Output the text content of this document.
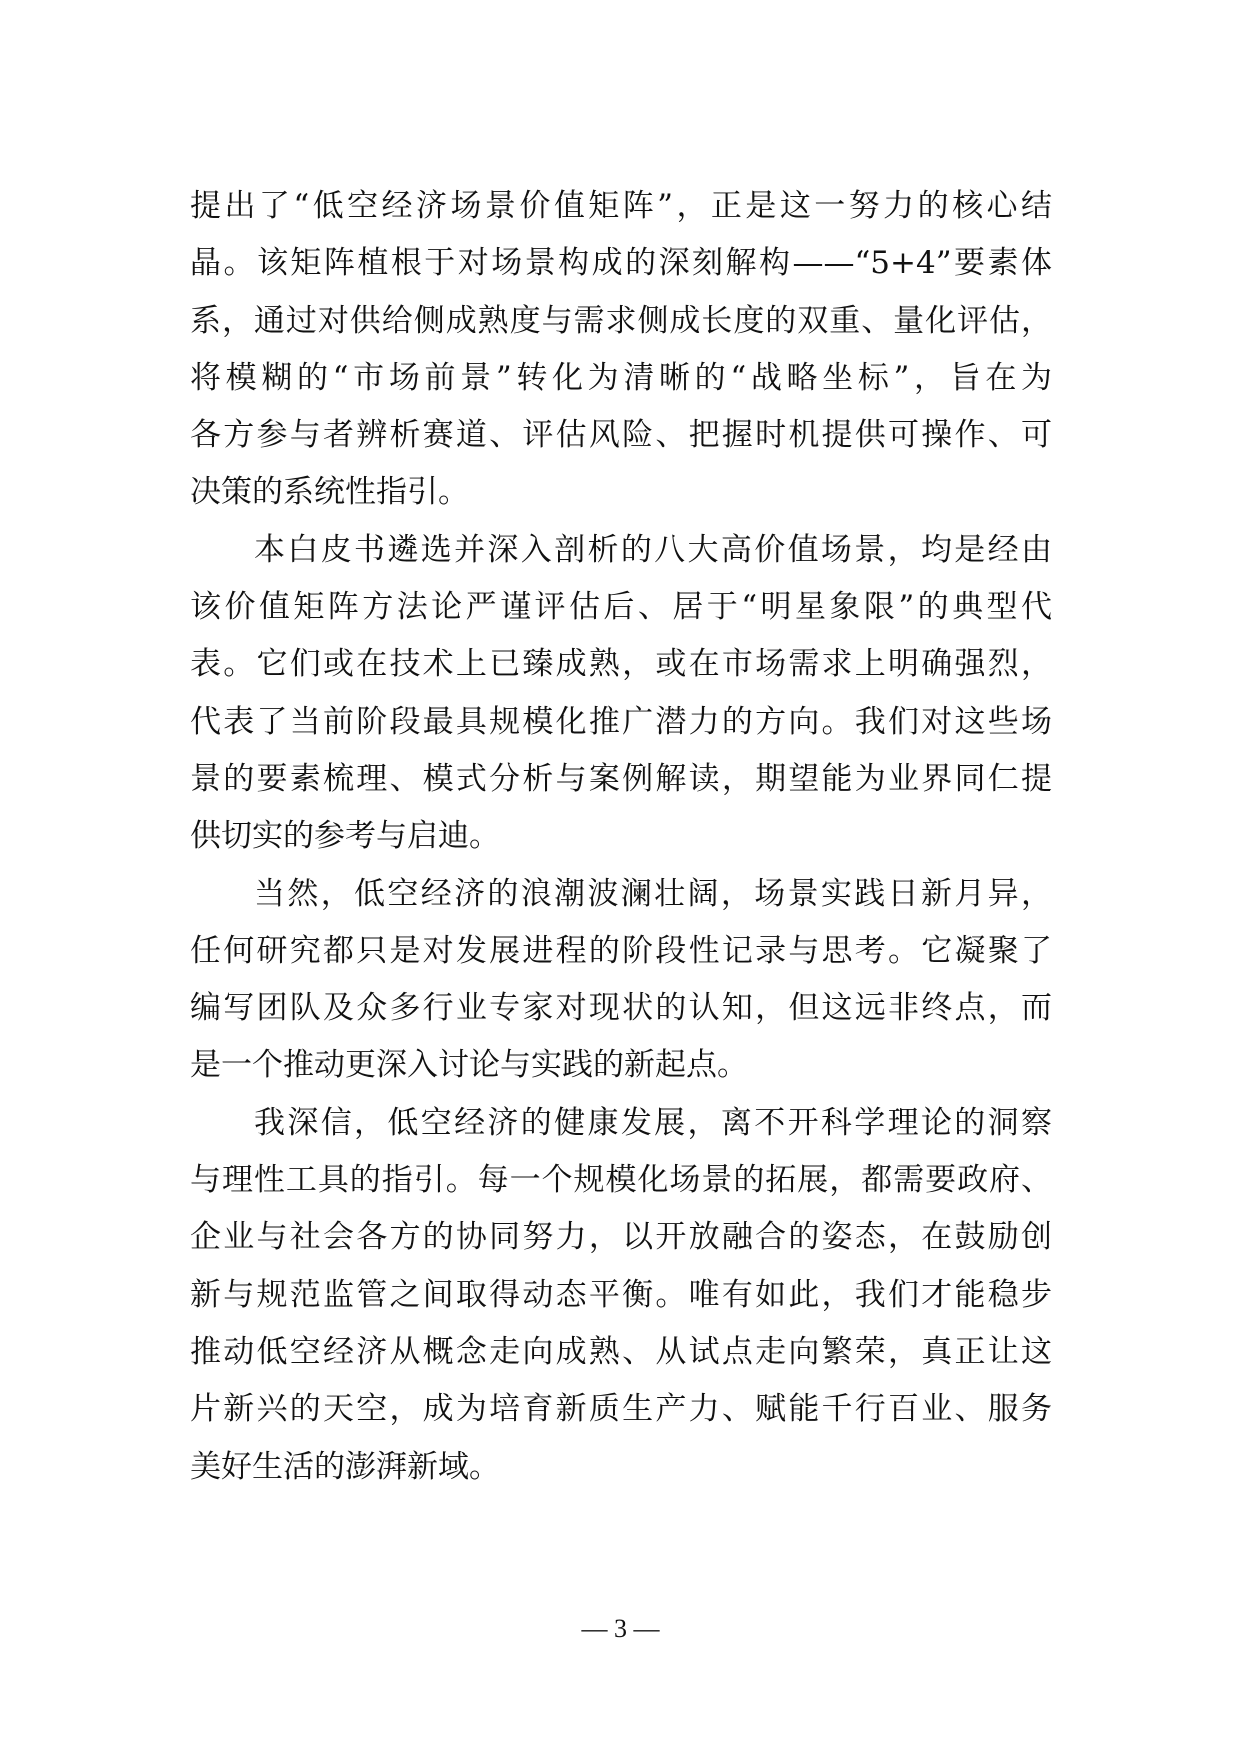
提出了“低空经济场景价值矩阵”，正是这一努力的核心结
晶。该矩阵植根于对场景构成的深刻解构——“5+4”要素体
系，通过对供给侧成熟度与需求侧成长度的双重、量化评估，
将模糊的“市场前景”转化为清晰的“战略坐标”，旨在为
各方参与者辨析赛道、评估风险、把握时机提供可操作、可
决策的系统性指引。
本白皮书遴选并深入剖析的八大高价值场景，均是经由
该价值矩阵方法论严谨评估后、居于“明星象限”的典型代
表。它们或在技术上已臻成熟，或在市场需求上明确强烈，
代表了当前阶段最具规模化推广潜力的方向。我们对这些场
景的要素梳理、模式分析与案例解读，期望能为业界同仁提
供切实的参考与启迪。
当然，低空经济的浪潮波澜壮阔，场景实践日新月异，
任何研究都只是对发展进程的阶段性记录与思考。它凝聚了
编写团队及众多行业专家对现状的认知，但这远非终点，而
是一个推动更深入讨论与实践的新起点。
我深信，低空经济的健康发展，离不开科学理论的洞察
与理性工具的指引。每一个规模化场景的拓展，都需要政府、
企业与社会各方的协同努力，以开放融合的姿态，在鼓励创
新与规范监管之间取得动态平衡。唯有如此，我们才能稳步
推动低空经济从概念走向成熟、从试点走向繁荣，真正让这
片新兴的天空，成为培育新质生产力、赋能千行百业、服务
美好生活的澎湃新域。
— 3 —
